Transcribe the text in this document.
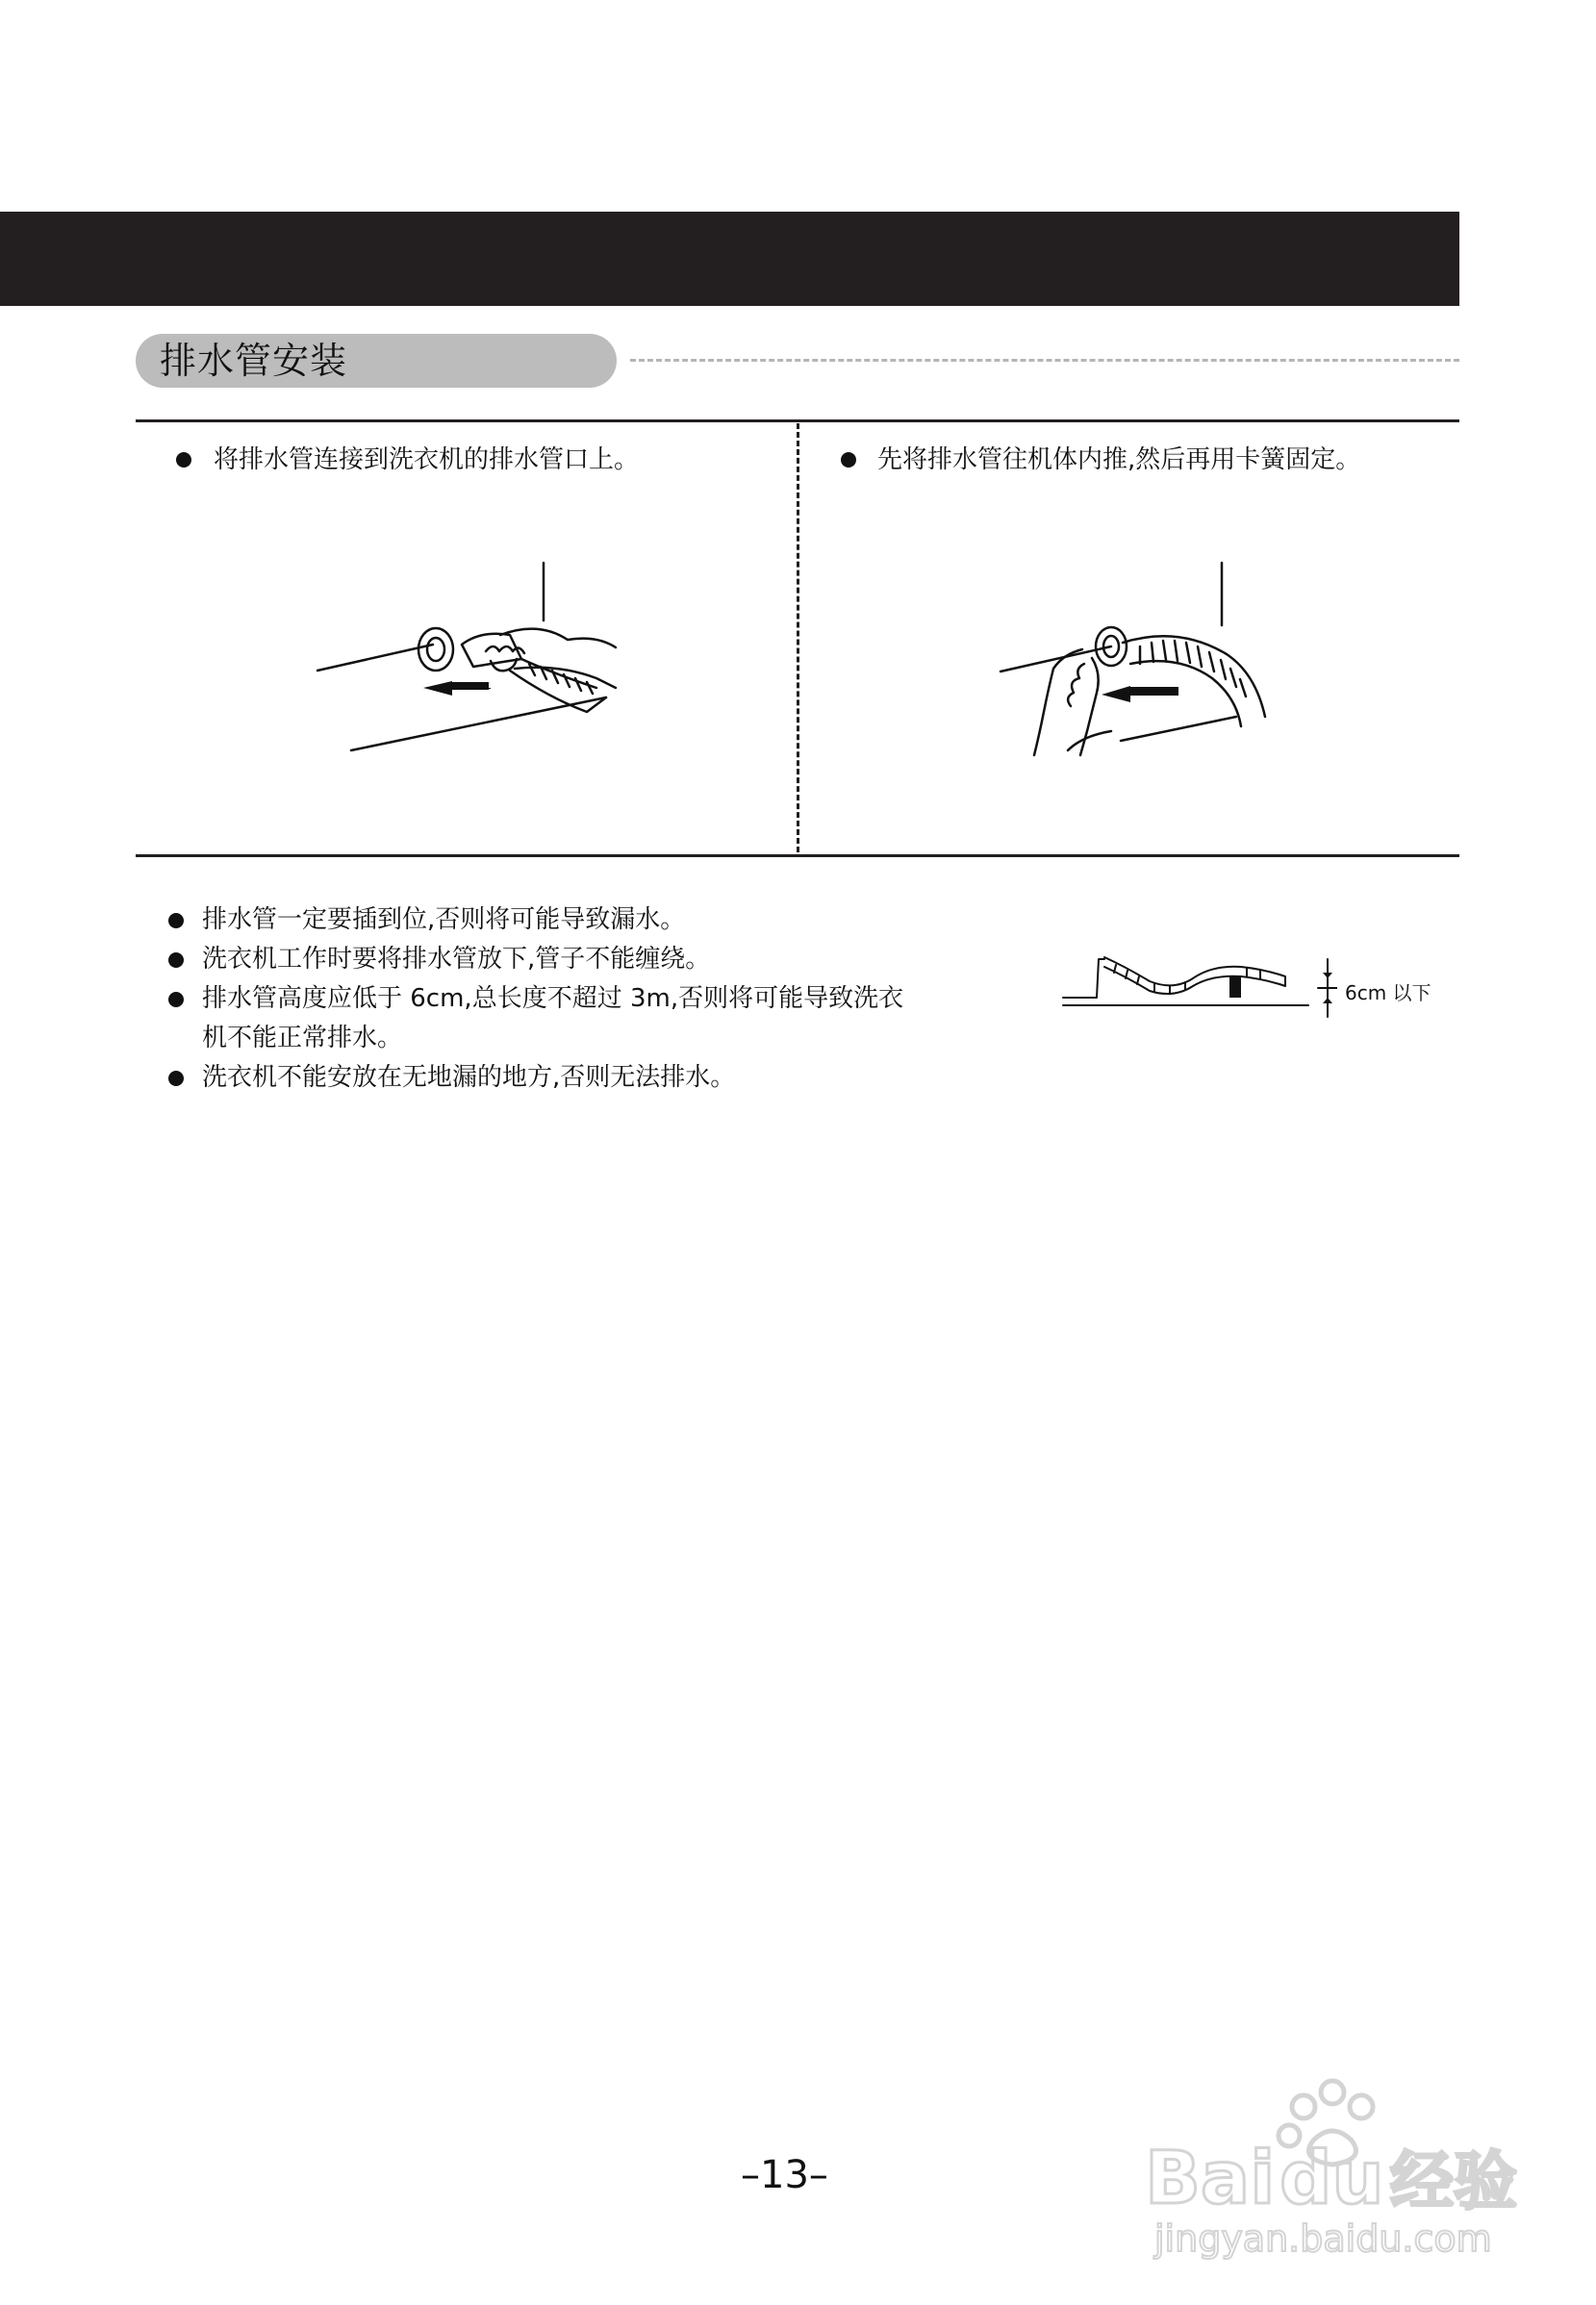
排水管安装
将排水管连接到洗衣机的排水管口上。	先将排水管往机体内推,然后再用卡簧固定。
排水管一定要插到位,否则将可能导致漏水。
洗衣机工作时要将排水管放下,管子不能缠绕。
排水管高度应低于 6cm,总长度不超过 3m,否则将可能导致洗衣
机不能正常排水。
洗衣机不能安放在无地漏的地方,否则无法排水。
6cm 以下
–13–	Bai du 经验
jingyan.baidu.com
